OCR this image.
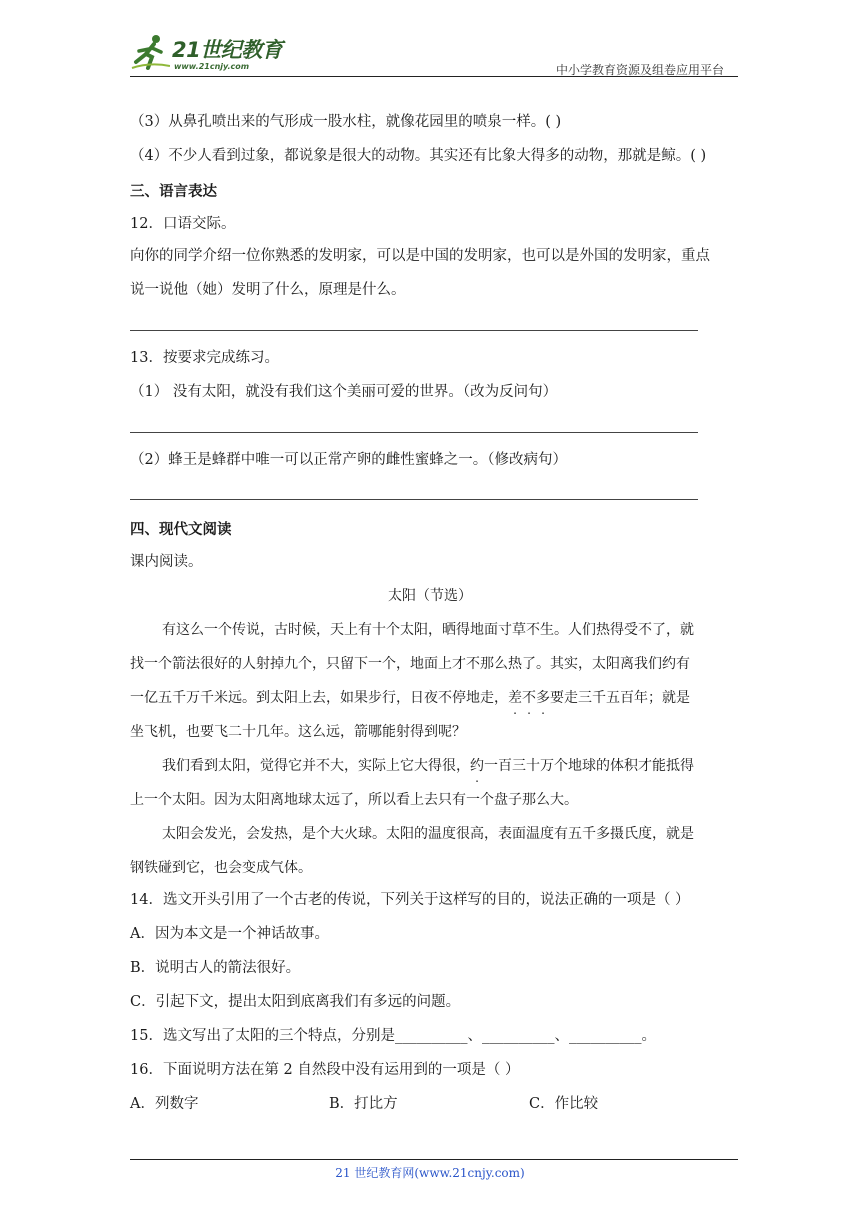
21世纪教育
www.21cnjy.com	中小学教育资源及组卷应用平台
（3）从鼻孔喷出来的气形成一股水柱，就像花园里的喷泉一样。( )
（4）不少人看到过象，都说象是很大的动物。其实还有比象大得多的动物，那就是鲸。( )
三、语言表达
12．口语交际。
向你的同学介绍一位你熟悉的发明家，可以是中国的发明家，也可以是外国的发明家，重点
说一说他（她）发明了什么，原理是什么。
13．按要求完成练习。
（1） 没有太阳，就没有我们这个美丽可爱的世界。（改为反问句）
（2）蜂王是蜂群中唯一可以正常产卵的雌性蜜蜂之一。（修改病句）
四、现代文阅读
课内阅读。
太阳（节选）
有这么一个传说，古时候，天上有十个太阳，晒得地面寸草不生。人们热得受不了，就
找一个箭法很好的人射掉九个，只留下一个，地面上才不那么热了。其实，太阳离我们约有
一亿五千万千米远。到太阳上去，如果步行，日夜不停地走，差不多要走三千五百年；就是
坐飞机，也要飞二十几年。这么远，箭哪能射得到呢？
我们看到太阳，觉得它并不大，实际上它大得很，约一百三十万个地球的体积才能抵得
上一个太阳。因为太阳离地球太远了，所以看上去只有一个盘子那么大。
太阳会发光，会发热，是个大火球。太阳的温度很高，表面温度有五千多摄氏度，就是
钢铁碰到它，也会变成气体。
14．选文开头引用了一个古老的传说，下列关于这样写的目的，说法正确的一项是（ ）
A．因为本文是一个神话故事。
B．说明古人的箭法很好。
C．引起下文，提出太阳到底离我们有多远的问题。
15．选文写出了太阳的三个特点，分别是__________、__________、__________。
16．下面说明方法在第 2 自然段中没有运用到的一项是（ ）
A．列数字	B．打比方	C．作比较
21 世纪教育网(www.21cnjy.com)
